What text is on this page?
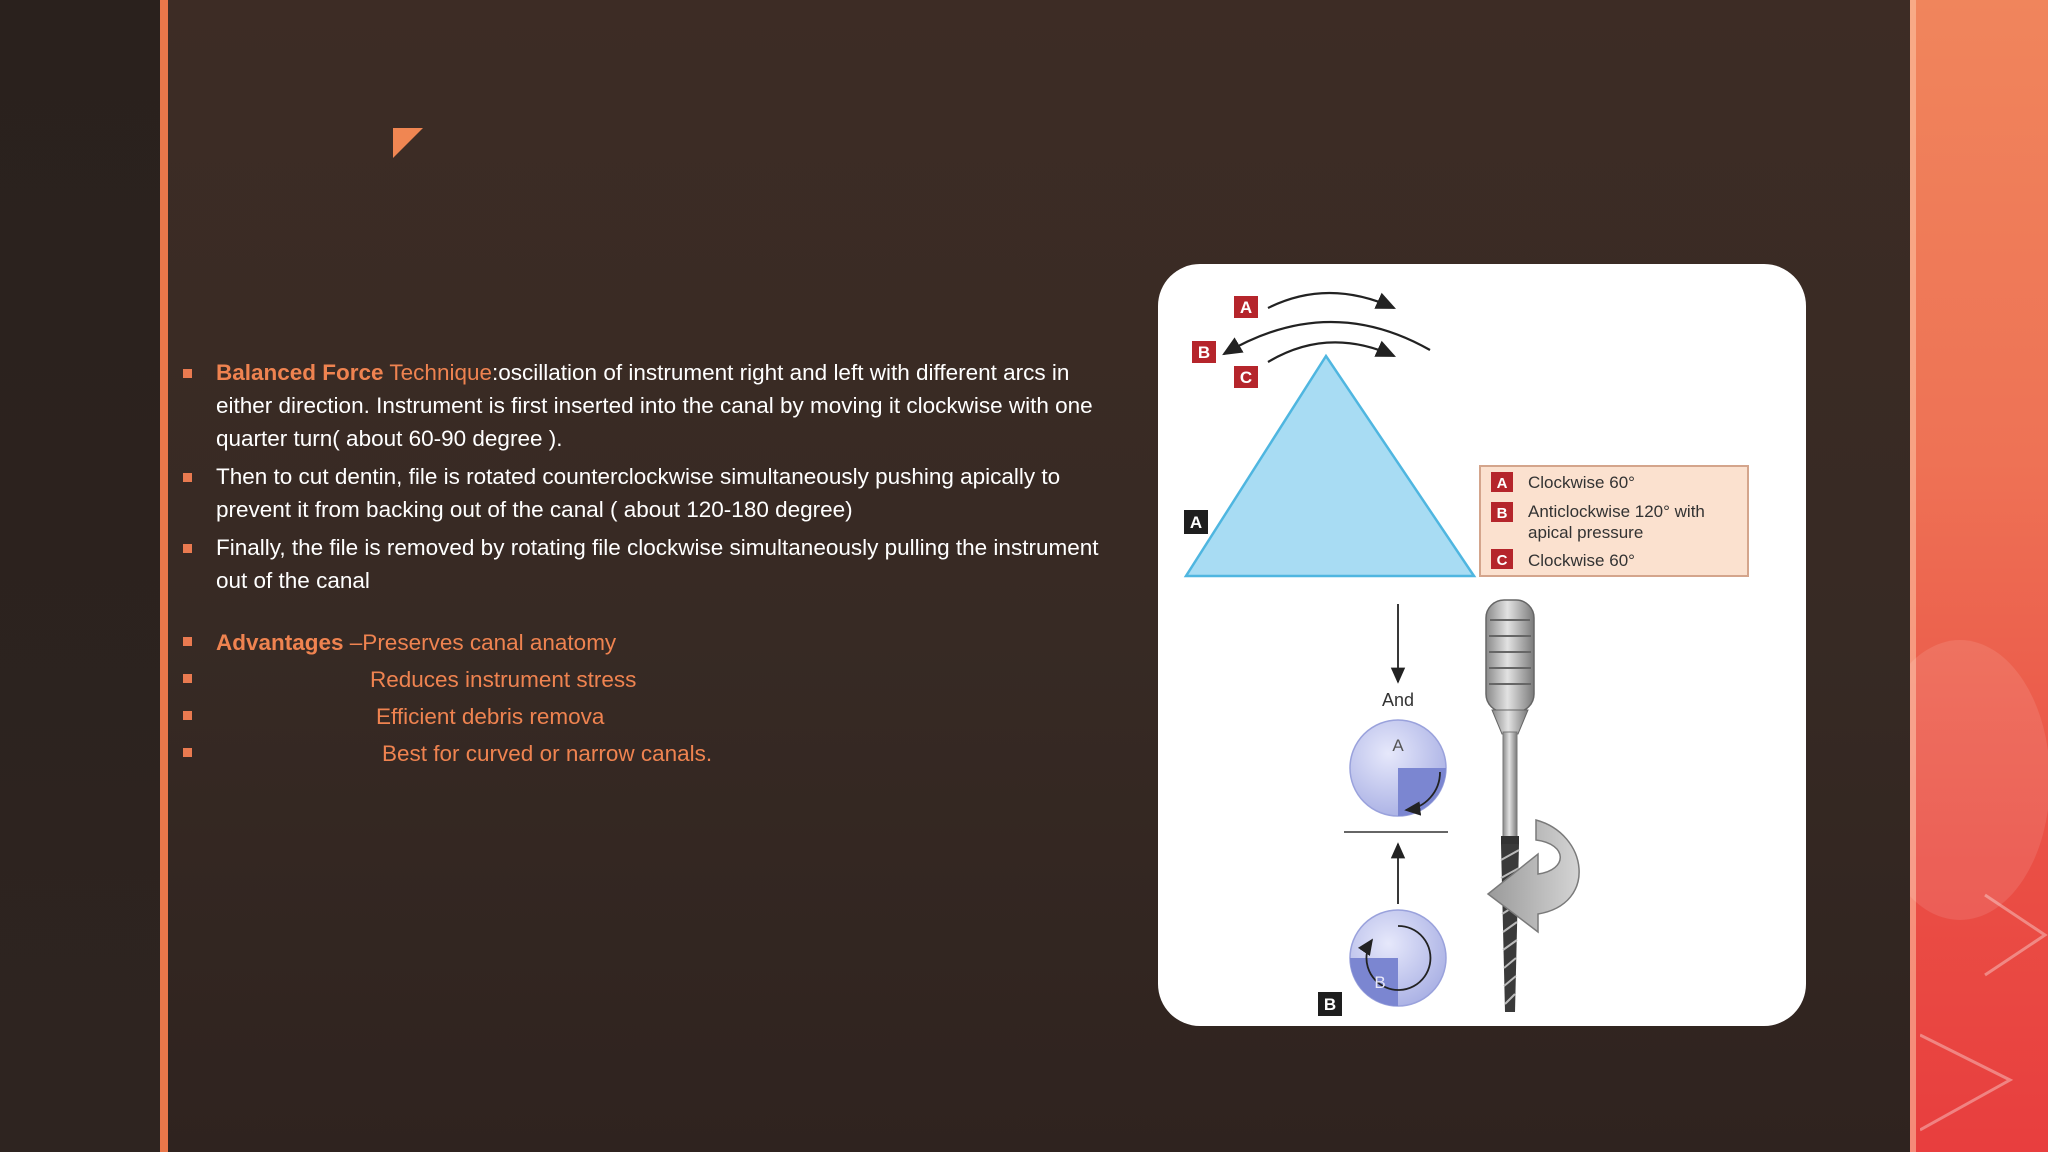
Balanced Force Technique:oscillation of instrument right and left with different arcs in either direction. Instrument is first inserted into the canal by moving it clockwise with one quarter turn( about 60-90 degree ).
Then to cut dentin, file is rotated counterclockwise simultaneously pushing apically to prevent it from backing out of the canal ( about 120-180 degree)
Finally, the file is removed by rotating file clockwise simultaneously pulling the instrument out of the canal
Advantages –Preserves canal anatomy
Reduces instrument stress
Efficient debris remova
Best for curved or narrow canals.
A
B
C
A
A Clockwise 60°
B Anticlockwise 120° with
apical pressure
C Clockwise 60°
And
A
B
B
